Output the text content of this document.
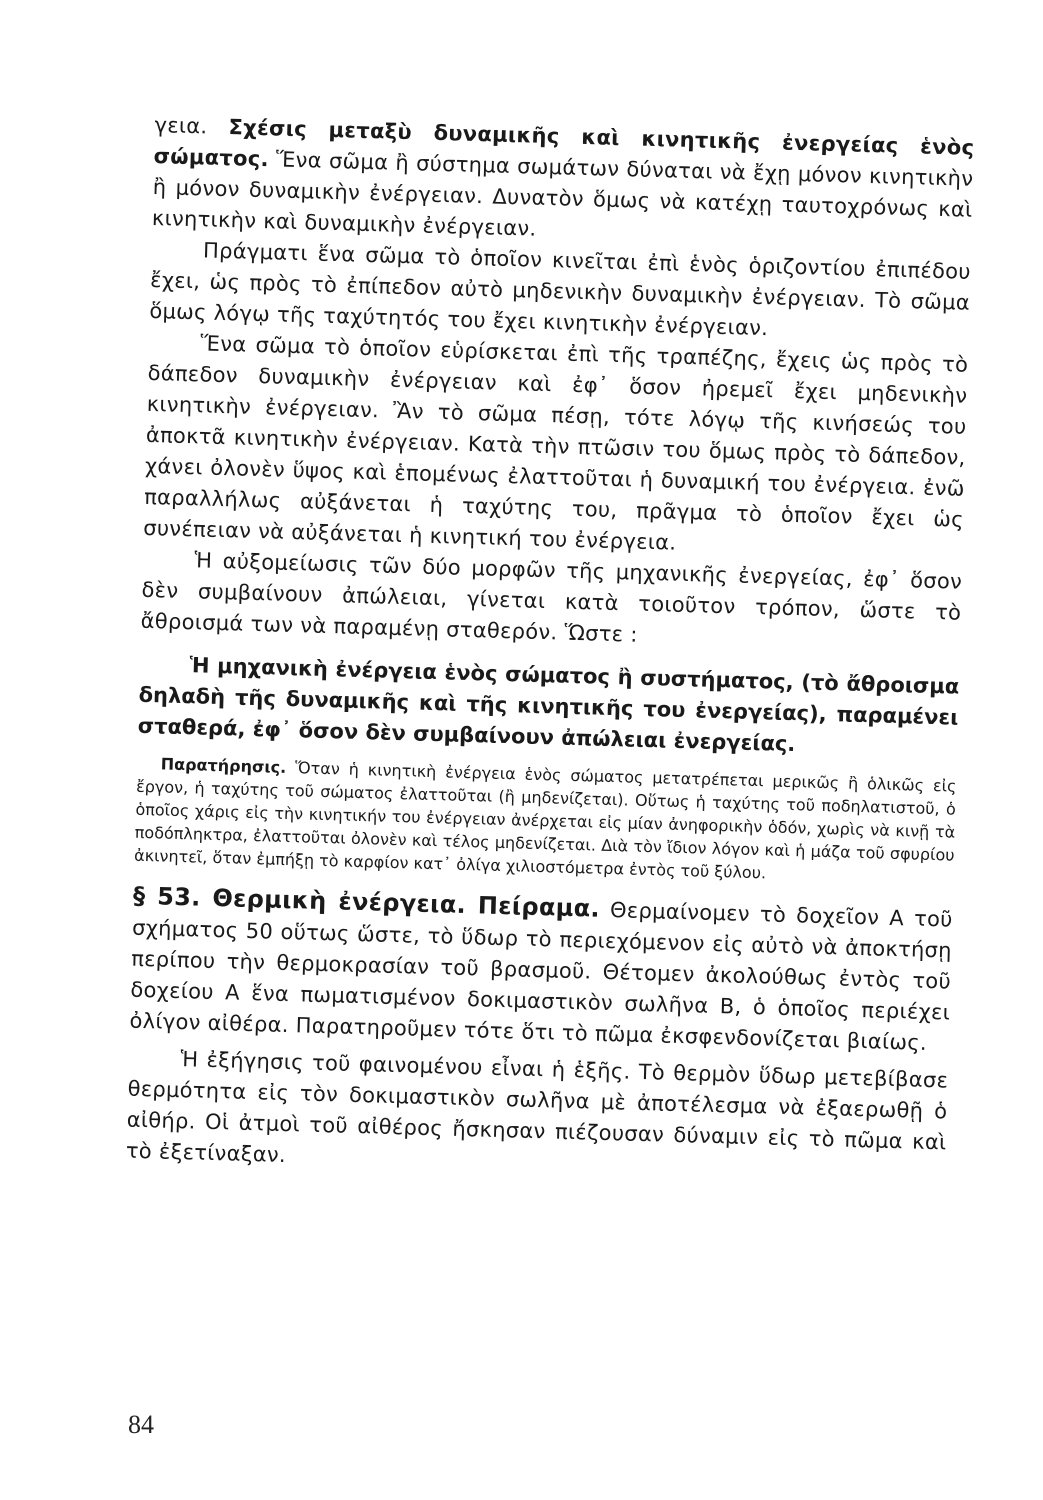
γεια. Σχέσις μεταξὺ δυναμικῆς καὶ κινητικῆς ἐνεργείας ἑνὸς σώματος. Ἕνα σῶμα ἢ σύστημα σωμάτων δύναται νὰ ἔχῃ μόνον κινητικὴν ἢ μόνον δυναμικὴν ἐνέργειαν. Δυνατὸν ὅμως νὰ κατέχῃ ταυτοχρόνως καὶ κινητικὴν καὶ δυναμικὴν ἐνέργειαν.

Πράγματι ἕνα σῶμα τὸ ὁποῖον κινεῖται ἐπὶ ἑνὸς ὁριζοντίου ἐπιπέδου ἔχει, ὡς πρὸς τὸ ἐπίπεδον αὐτὸ μηδενικὴν δυναμικὴν ἐνέργειαν. Τὸ σῶμα ὅμως λόγῳ τῆς ταχύτητός του ἔχει κινητικὴν ἐνέργειαν.

Ἕνα σῶμα τὸ ὁποῖον εὑρίσκεται ἐπὶ τῆς τραπέζης, ἔχεις ὡς πρὸς τὸ δάπεδον δυναμικὴν ἐνέργειαν καὶ ἐφ᾽ ὅσον ἠρεμεῖ ἔχει μηδενικὴν κινητικὴν ἐνέργειαν. Ἂν τὸ σῶμα πέσῃ, τότε λόγῳ τῆς κινήσεώς του ἀποκτᾶ κινητικὴν ἐνέργειαν. Κατὰ τὴν πτῶσιν του ὅμως πρὸς τὸ δάπεδον, χάνει ὀλονὲν ὕψος καὶ ἑπομένως ἐλαττοῦται ἡ δυναμική του ἐνέργεια. ἐνῶ παραλλήλως αὐξάνεται ἡ ταχύτης του, πρᾶγμα τὸ ὁποῖον ἔχει ὡς συνέπειαν νὰ αὐξάνεται ἡ κινητική του ἐνέργεια.

Ἡ αὐξομείωσις τῶν δύο μορφῶν τῆς μηχανικῆς ἐνεργείας, ἐφ᾽ ὅσον δὲν συμβαίνουν ἀπώλειαι, γίνεται κατὰ τοιοῦτον τρόπον, ὥστε τὸ ἄθροισμά των νὰ παραμένῃ σταθερόν. Ὥστε :

Ἡ μηχανικὴ ἐνέργεια ἑνὸς σώματος ἢ συστήματος, (τὸ ἄθροισμα δηλαδὴ τῆς δυναμικῆς καὶ τῆς κινητικῆς του ἐνεργείας), παραμένει σταθερά, ἐφ᾽ ὅσον δὲν συμβαίνουν ἀπώλειαι ἐνεργείας.

Παρατήρησις. Ὅταν ἡ κινητικὴ ἐνέργεια ἑνὸς σώματος μετατρέπεται μερικῶς ἢ ὁλικῶς εἰς ἔργον, ἡ ταχύτης τοῦ σώματος ἐλαττοῦται (ἢ μηδενίζεται). Οὕτως ἡ ταχύτης τοῦ ποδηλατιστοῦ, ὁ ὁποῖος χάρις εἰς τὴν κινητικήν του ἐνέργειαν ἀνέρχεται εἰς μίαν ἀνηφορικὴν ὁδόν, χωρὶς νὰ κινῇ τὰ ποδόπληκτρα, ἐλαττοῦται ὀλονὲν καὶ τέλος μηδενίζεται. Διὰ τὸν ἴδιον λόγον καὶ ἡ μάζα τοῦ σφυρίου ἀκινητεῖ, ὅταν ἐμπήξῃ τὸ καρφίον κατ᾽ ὀλίγα χιλιοστόμετρα ἐντὸς τοῦ ξύλου.

§ 53. Θερμικὴ ἐνέργεια. Πείραμα. Θερμαίνομεν τὸ δοχεῖον Α τοῦ σχήματος 50 οὕτως ὥστε, τὸ ὕδωρ τὸ περιεχόμενον εἰς αὐτὸ νὰ ἀποκτήσῃ περίπου τὴν θερμοκρασίαν τοῦ βρασμοῦ. Θέτομεν ἀκολούθως ἐντὸς τοῦ δοχείου Α ἕνα πωματισμένον δοκιμαστικὸν σωλῆνα Β, ὁ ὁποῖος περιέχει ὀλίγον αἰθέρα. Παρατηροῦμεν τότε ὅτι τὸ πῶμα ἐκσφενδονίζεται βιαίως.

Ἡ ἐξήγησις τοῦ φαινομένου εἶναι ἡ ἑξῆς. Τὸ θερμὸν ὕδωρ μετεβίβασε θερμότητα εἰς τὸν δοκιμαστικὸν σωλῆνα μὲ ἀποτέλεσμα νὰ ἐξαερωθῇ ὁ αἰθήρ. Οἱ ἀτμοὶ τοῦ αἰθέρος ἤσκησαν πιέζουσαν δύναμιν εἰς τὸ πῶμα καὶ τὸ ἐξετίναξαν.

84
